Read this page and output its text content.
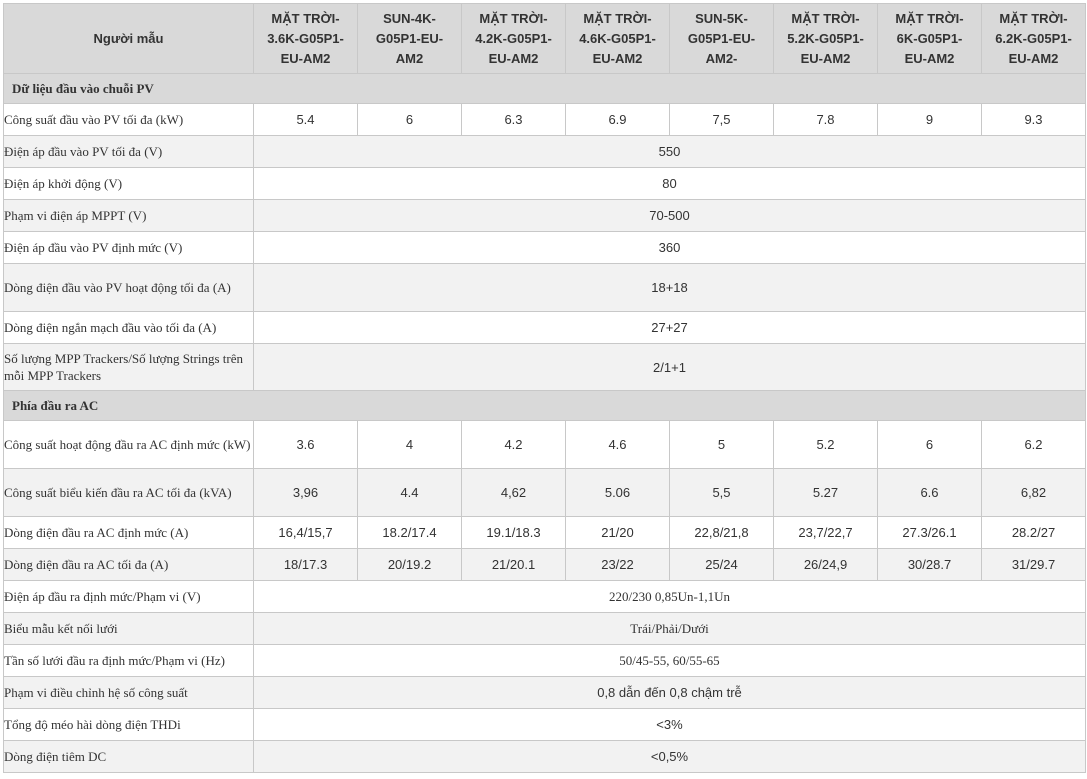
Người mẫu	MẶT TRỜI-
3.6K-G05P1-
EU-AM2	SUN-4K-
G05P1-EU-
AM2	MẶT TRỜI-
4.2K-G05P1-
EU-AM2	MẶT TRỜI-
4.6K-G05P1-
EU-AM2	SUN-5K-
G05P1-EU-
AM2-	MẶT TRỜI-
5.2K-G05P1-
EU-AM2	MẶT TRỜI-
6K-G05P1-
EU-AM2	MẶT TRỜI-
6.2K-G05P1-
EU-AM2
Dữ liệu đầu vào chuỗi PV								
Công suất đầu vào PV tối đa (kW)	5.4	6	6.3	6.9	7,5	7.8	9	9.3
Điện áp đầu vào PV tối đa (V)	550							
Điện áp khởi động (V)	80							
Phạm vi điện áp MPPT (V)	70-500							
Điện áp đầu vào PV định mức (V)	360							
Dòng điện đầu vào PV hoạt động tối đa (A)	18+18							
Dòng điện ngắn mạch đầu vào tối đa (A)	27+27							
Số lượng MPP Trackers/Số lượng Strings trên mỗi MPP Trackers	2/1+1							
Phía đầu ra AC								
Công suất hoạt động đầu ra AC định mức (kW)	3.6	4	4.2	4.6	5	5.2	6	6.2
Công suất biểu kiến đầu ra AC tối đa (kVA)	3,96	4.4	4,62	5.06	5,5	5.27	6.6	6,82
Dòng điện đầu ra AC định mức (A)	16,4/15,7	18.2/17.4	19.1/18.3	21/20	22,8/21,8	23,7/22,7	27.3/26.1	28.2/27
Dòng điện đầu ra AC tối đa (A)	18/17.3	20/19.2	21/20.1	23/22	25/24	26/24,9	30/28.7	31/29.7
Điện áp đầu ra định mức/Phạm vi (V)	220/230 0,85Un-1,1Un							
Biểu mẫu kết nối lưới	Trái/Phải/Dưới							
Tần số lưới đầu ra định mức/Phạm vi (Hz)	50/45-55, 60/55-65							
Phạm vi điều chỉnh hệ số công suất	0,8 dẫn đến 0,8 chậm trễ							
Tổng độ méo hài dòng điện THDi	<3%							
Dòng điện tiêm DC	<0,5%							
